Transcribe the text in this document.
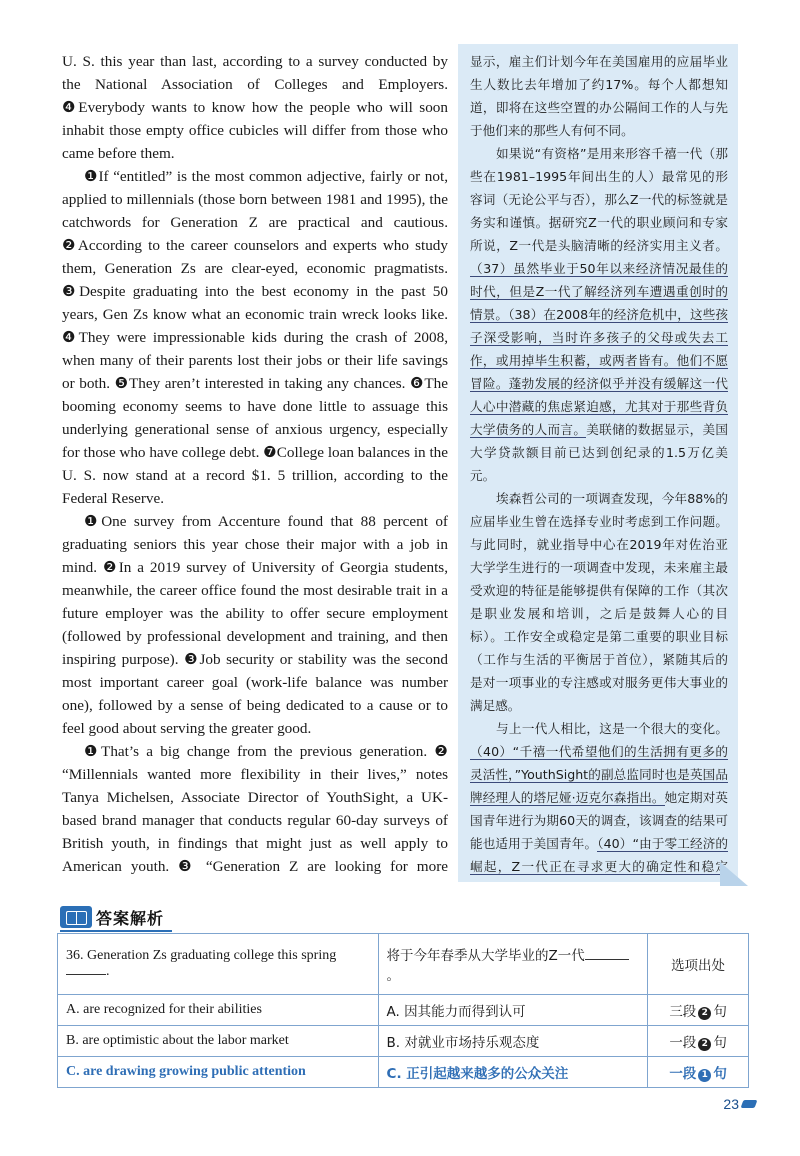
U. S. this year than last, according to a survey conducted by the National Association of Colleges and Employers. ❹Everybody wants to know how the people who will soon inhabit those empty office cubicles will differ from those who came before them.

❶If “entitled” is the most common adjective, fairly or not, applied to millennials (those born between 1981 and 1995), the catchwords for Generation Z are practical and cautious. ❷According to the career counselors and experts who study them, Generation Zs are clear-eyed, economic pragmatists. ❸Despite graduating into the best economy in the past 50 years, Gen Zs know what an economic train wreck looks like. ❹They were impressionable kids during the crash of 2008, when many of their parents lost their jobs or their life savings or both. ❺They aren’t interested in taking any chances. ❻The booming economy seems to have done little to assuage this underlying generational sense of anxious urgency, especially for those who have college debt. ❼College loan balances in the U. S. now stand at a record $1. 5 trillion, according to the Federal Reserve.

❶One survey from Accenture found that 88 percent of graduating seniors this year chose their major with a job in mind. ❷In a 2019 survey of University of Georgia students, meanwhile, the career office found the most desirable trait in a future employer was the ability to offer secure employment (followed by professional development and training, and then inspiring purpose). ❸Job security or stability was the second most important career goal (work-life balance was number one), followed by a sense of being dedicated to a cause or to feel good about serving the greater good.

❶That’s a big change from the previous generation. ❷ “Millennials wanted more flexibility in their lives,” notes Tanya Michelsen, Associate Director of YouthSight, a UK-based brand manager that conducts regular 60-day surveys of British youth, in findings that might just as well apply to American youth. ❸ “Generation Z are looking for more

显示，雇主们计划今年在美国雇用的应届毕业生人数比去年增加了约17%。每个人都想知道，即将在这些空置的办公隔间工作的人与先于他们来的那些人有何不同。

如果说“有资格”是用来形容千禧一代（那些在1981–1995年间出生的人）最常见的形容词（无论公平与否），那么Z一代的标签就是务实和谨慎。据研究Z一代的职业顾问和专家所说，Z一代是头脑清晰的经济实用主义者。（37）虽然毕业于50年以来经济情况最佳的时代，但是Z一代了解经济列车遭遇重创时的情景。（38）在2008年的经济危机中，这些孩子深受影响，当时许多孩子的父母或失去工作，或用掉毕生积蓄，或两者皆有。他们不愿冒险。蓬勃发展的经济似乎并没有缓解这一代人心中潜藏的焦虑紧迫感，尤其对于那些背负大学债务的人而言。美联储的数据显示，美国大学贷款额目前已达到创纪录的1.5万亿美元。

埃森哲公司的一项调查发现，今年88%的应届毕业生曾在选择专业时考虑到工作问题。与此同时，就业指导中心在2019年对佐治亚大学学生进行的一项调查中发现，未来雇主最受欢迎的特征是能够提供有保障的工作（其次是职业发展和培训，之后是鼓舞人心的目标）。工作安全或稳定是第二重要的职业目标（工作与生活的平衡居于首位），紧随其后的是对一项事业的专注感或对服务更伟大事业的满足感。

与上一代人相比，这是一个很大的变化。（40）“千禧一代希望他们的生活拥有更多的灵活性，”YouthSight的副总监同时也是英国品牌经理人的塔尼娅·迈克尔森指出。她定期对英国青年进行为期60天的调查，该调查的结果可能也适用于美国青年。（40）“由于零工经济的崛起，Z一代正在寻求更大的确定性和稳定

答案解析
36. Generation Zs graduating college this spring
.	将于今年春季从大学毕业的Z一代。	选项出处
A. are recognized for their abilities	A. 因其能力而得到认可	三段 2 句
B. are optimistic about the labor market	B. 对就业市场持乐观态度	一段 2 句
C. are drawing growing public attention	C. 正引起越来越多的公众关注	一段 1 句
23
